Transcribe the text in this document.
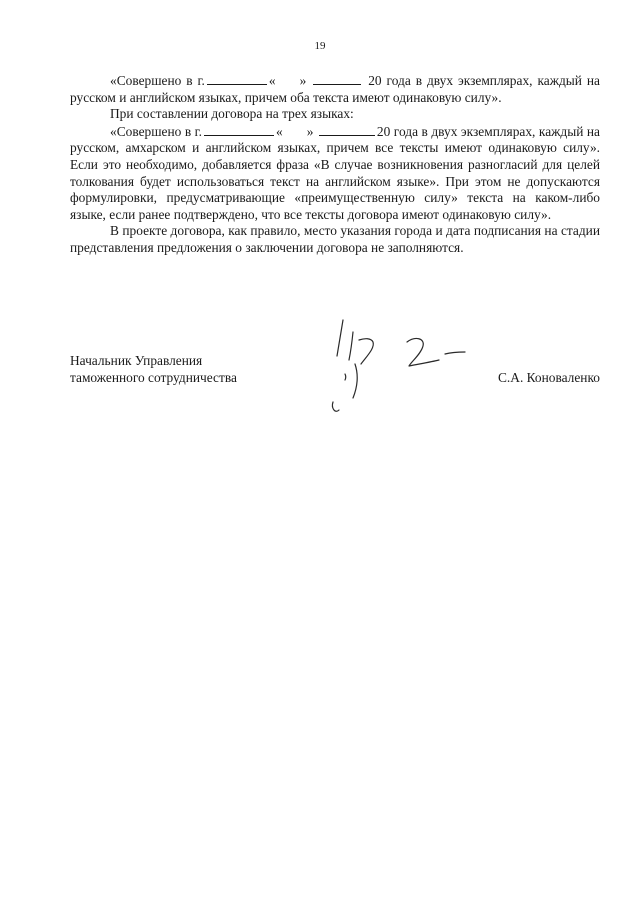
19

«Совершено в г.	« »	20 года в двух экземплярах, каждый на русском и английском языках, причем оба текста имеют одинаковую силу».

При составлении договора на трех языках:

«Совершено в г.	« »	20 года в двух экземплярах, каждый на русском, амхарском и английском языках, причем все тексты имеют одинаковую силу». Если это необходимо, добавляется фраза «В случае возникновения разногласий для целей толкования будет использоваться текст на английском языке». При этом не допускаются формулировки, предусматривающие «преимущественную силу» текста на каком-либо языке, если ранее подтверждено, что все тексты договора имеют одинаковую силу».

В проекте договора, как правило, место указания города и дата подписания на стадии представления предложения о заключении договора не заполняются.

Начальник Управления
таможенного сотрудничества	С.А. Коноваленко
